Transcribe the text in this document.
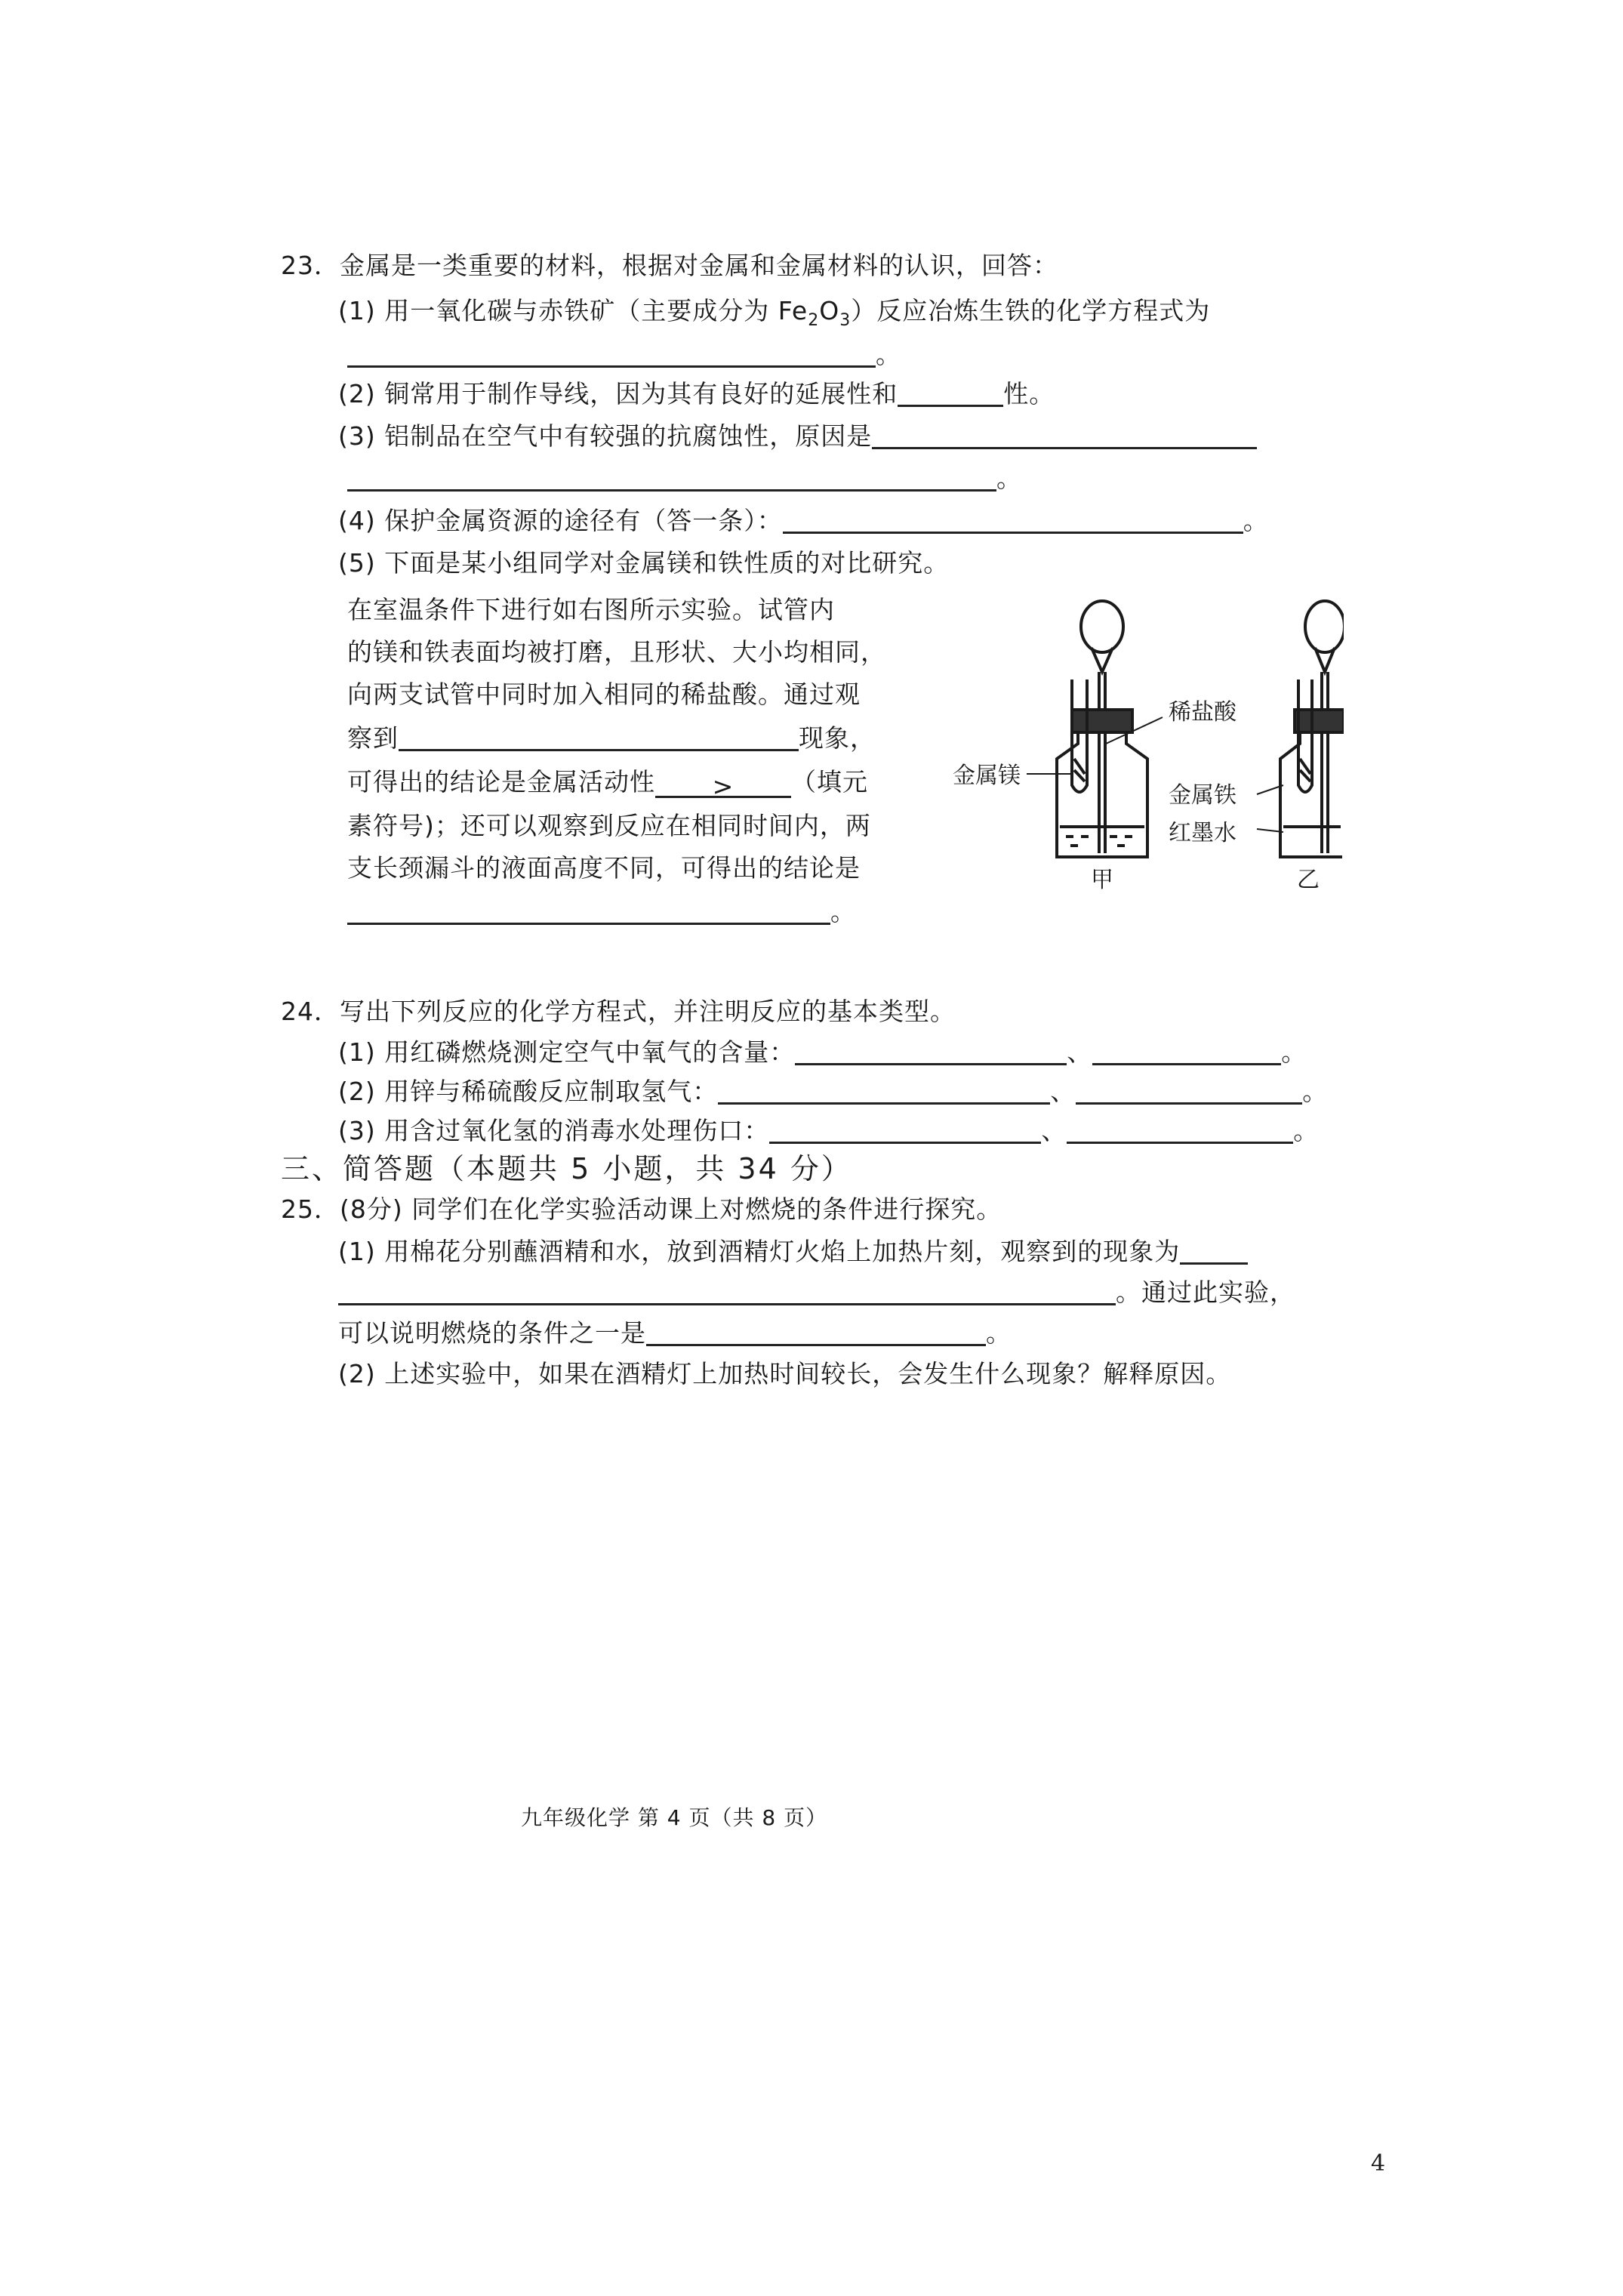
23．金属是一类重要的材料，根据对金属和金属材料的认识，回答：
(1) 用一氧化碳与赤铁矿（主要成分为 $Fe_2O_3$）反应冶炼生铁的化学方程式为
。
(2) 铜常用于制作导线，因为其有良好的延展性和	性。
(3) 铝制品在空气中有较强的抗腐蚀性，原因是
。
(4) 保护金属资源的途径有（答一条）：	。
(5) 下面是某小组同学对金属镁和铁性质的对比研究。
在室温条件下进行如右图所示实验。试管内
的镁和铁表面均被打磨，且形状、大小均相同，
向两支试管中同时加入相同的稀盐酸。通过观
察到	现象，
可得出的结论是金属活动性 > （填元
素符号)；还可以观察到反应在相同时间内，两
支长颈漏斗的液面高度不同，可得出的结论是
。
金属镁
稀盐酸
金属铁
红墨水
甲	乙
24．写出下列反应的化学方程式，并注明反应的基本类型。
(1) 用红磷燃烧测定空气中氧气的含量：	、	。
(2) 用锌与稀硫酸反应制取氢气：	、	。
(3) 用含过氧化氢的消毒水处理伤口：	、	。
三、简答题（本题共 5 小题，共 34 分）
25．(8分) 同学们在化学实验活动课上对燃烧的条件进行探究。
(1) 用棉花分别蘸酒精和水，放到酒精灯火焰上加热片刻，观察到的现象为
。通过此实验，
可以说明燃烧的条件之一是	。
(2) 上述实验中，如果在酒精灯上加热时间较长，会发生什么现象？解释原因。
九年级化学 第 4 页（共 8 页）
4
